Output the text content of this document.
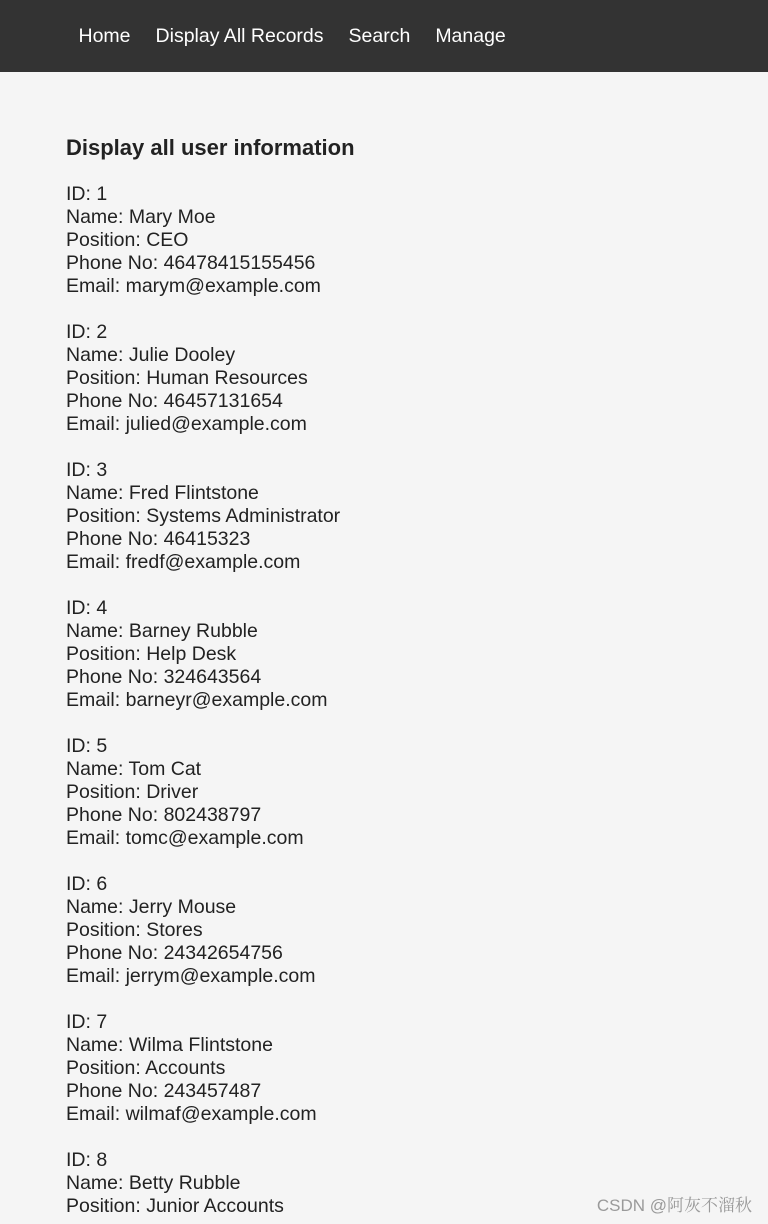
Home	Display All Records	Search	Manage
Display all user information
ID: 1
Name: Mary Moe
Position: CEO
Phone No: 46478415155456
Email: marym@example.com
ID: 2
Name: Julie Dooley
Position: Human Resources
Phone No: 46457131654
Email: julied@example.com
ID: 3
Name: Fred Flintstone
Position: Systems Administrator
Phone No: 46415323
Email: fredf@example.com
ID: 4
Name: Barney Rubble
Position: Help Desk
Phone No: 324643564
Email: barneyr@example.com
ID: 5
Name: Tom Cat
Position: Driver
Phone No: 802438797
Email: tomc@example.com
ID: 6
Name: Jerry Mouse
Position: Stores
Phone No: 24342654756
Email: jerrym@example.com
ID: 7
Name: Wilma Flintstone
Position: Accounts
Phone No: 243457487
Email: wilmaf@example.com
ID: 8
Name: Betty Rubble
Position: Junior Accounts	CSDN @阿灰不溜秋
